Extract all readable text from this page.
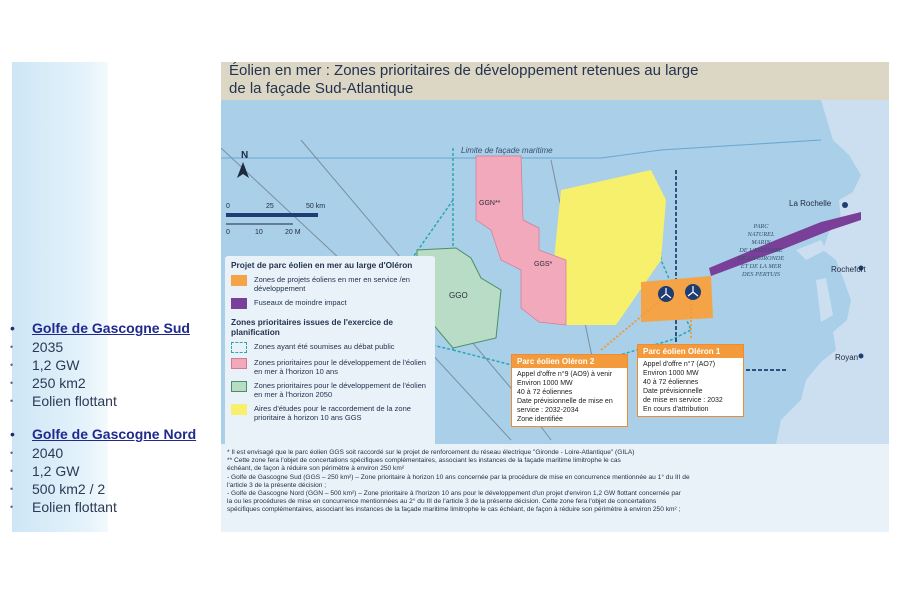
•	Golfe de Gascogne Sud
•	2035
•	1,2 GW
•	250 km2
•	Eolien flottant
•	Golfe de Gascogne Nord
•	2040
•	1,2 GW
•	500 km2 / 2
•	Eolien flottant
Éolien en mer : Zones prioritaires de développement retenues au large
de la façade Sud-Atlantique
Limite de façade maritime
GGN**
GGS*
GGO
La Rochelle
Rochefort
Royan
PARC
NATUREL
MARIN
DE L'ESTUAIRE
DE LA GIRONDE
ET DE LA MER
DES PERTUIS
N
0	25	50 km
0	10	20 M
Projet de parc éolien en mer au large d'Oléron
Zones de projets éoliens en mer en service /en développement
Fuseaux de moindre impact
Zones prioritaires issues de l'exercice de planification
Zones ayant été soumises au débat public
Zones prioritaires pour le développement de l'éolien en mer à l'horizon 10 ans
Zones prioritaires pour le développement de l'éolien en mer à l'horizon 2050
Aires d'études pour le raccordement de la zone prioritaire à horizon 10 ans GGS
Parc éolien Oléron 2
Appel d'offre n°9 (AO9) à venir
Environ 1000 MW
40 à 72 éoliennes
Date prévisionnelle de mise en
service : 2032-2034
Zone identifiée
Parc éolien Oléron 1
Appel d'offre n°7 (AO7)
Environ 1000 MW
40 à 72 éoliennes
Date prévisionnelle
de mise en service : 2032
En cours d'attribution
* Il est envisagé que le parc éolien GGS soit raccordé sur le projet de renforcement du réseau électrique "Gironde - Loire-Atlantique" (GILA)
** Cette zone fera l'objet de concertations spécifiques complémentaires, associant les instances de la façade maritime limitrophe le cas
échéant, de façon à réduire son périmètre à environ 250 km²
- Golfe de Gascogne Sud (GGS – 250 km²) – Zone prioritaire à horizon 10 ans concernée par la procédure de mise en concurrence mentionnée au 1° du III de
l'article 3 de la présente décision ;
- Golfe de Gascogne Nord (GGN – 500 km²) – Zone prioritaire à l'horizon 10 ans pour le développement d'un projet d'environ 1,2 GW flottant concernée par
la ou les procédures de mise en concurrence mentionnées au 2° du III de l'article 3 de la présente décision. Cette zone fera l'objet de concertations
spécifiques complémentaires, associant les instances de la façade maritime limitrophe le cas échéant, de façon à réduire son périmètre à environ 250 km² ;
